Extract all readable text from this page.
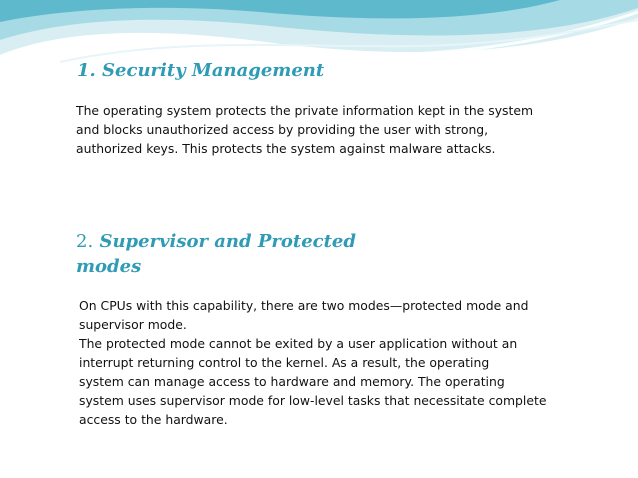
1. Security Management

The operating system protects the private information kept in the system
and blocks unauthorized access by providing the user with strong,
authorized keys. This protects the system against malware attacks.

2. Supervisor and Protected
modes

On CPUs with this capability, there are two modes—protected mode and
supervisor mode.
The protected mode cannot be exited by a user application without an
interrupt returning control to the kernel. As a result, the operating
system can manage access to hardware and memory. The operating
system uses supervisor mode for low-level tasks that necessitate complete
access to the hardware.
